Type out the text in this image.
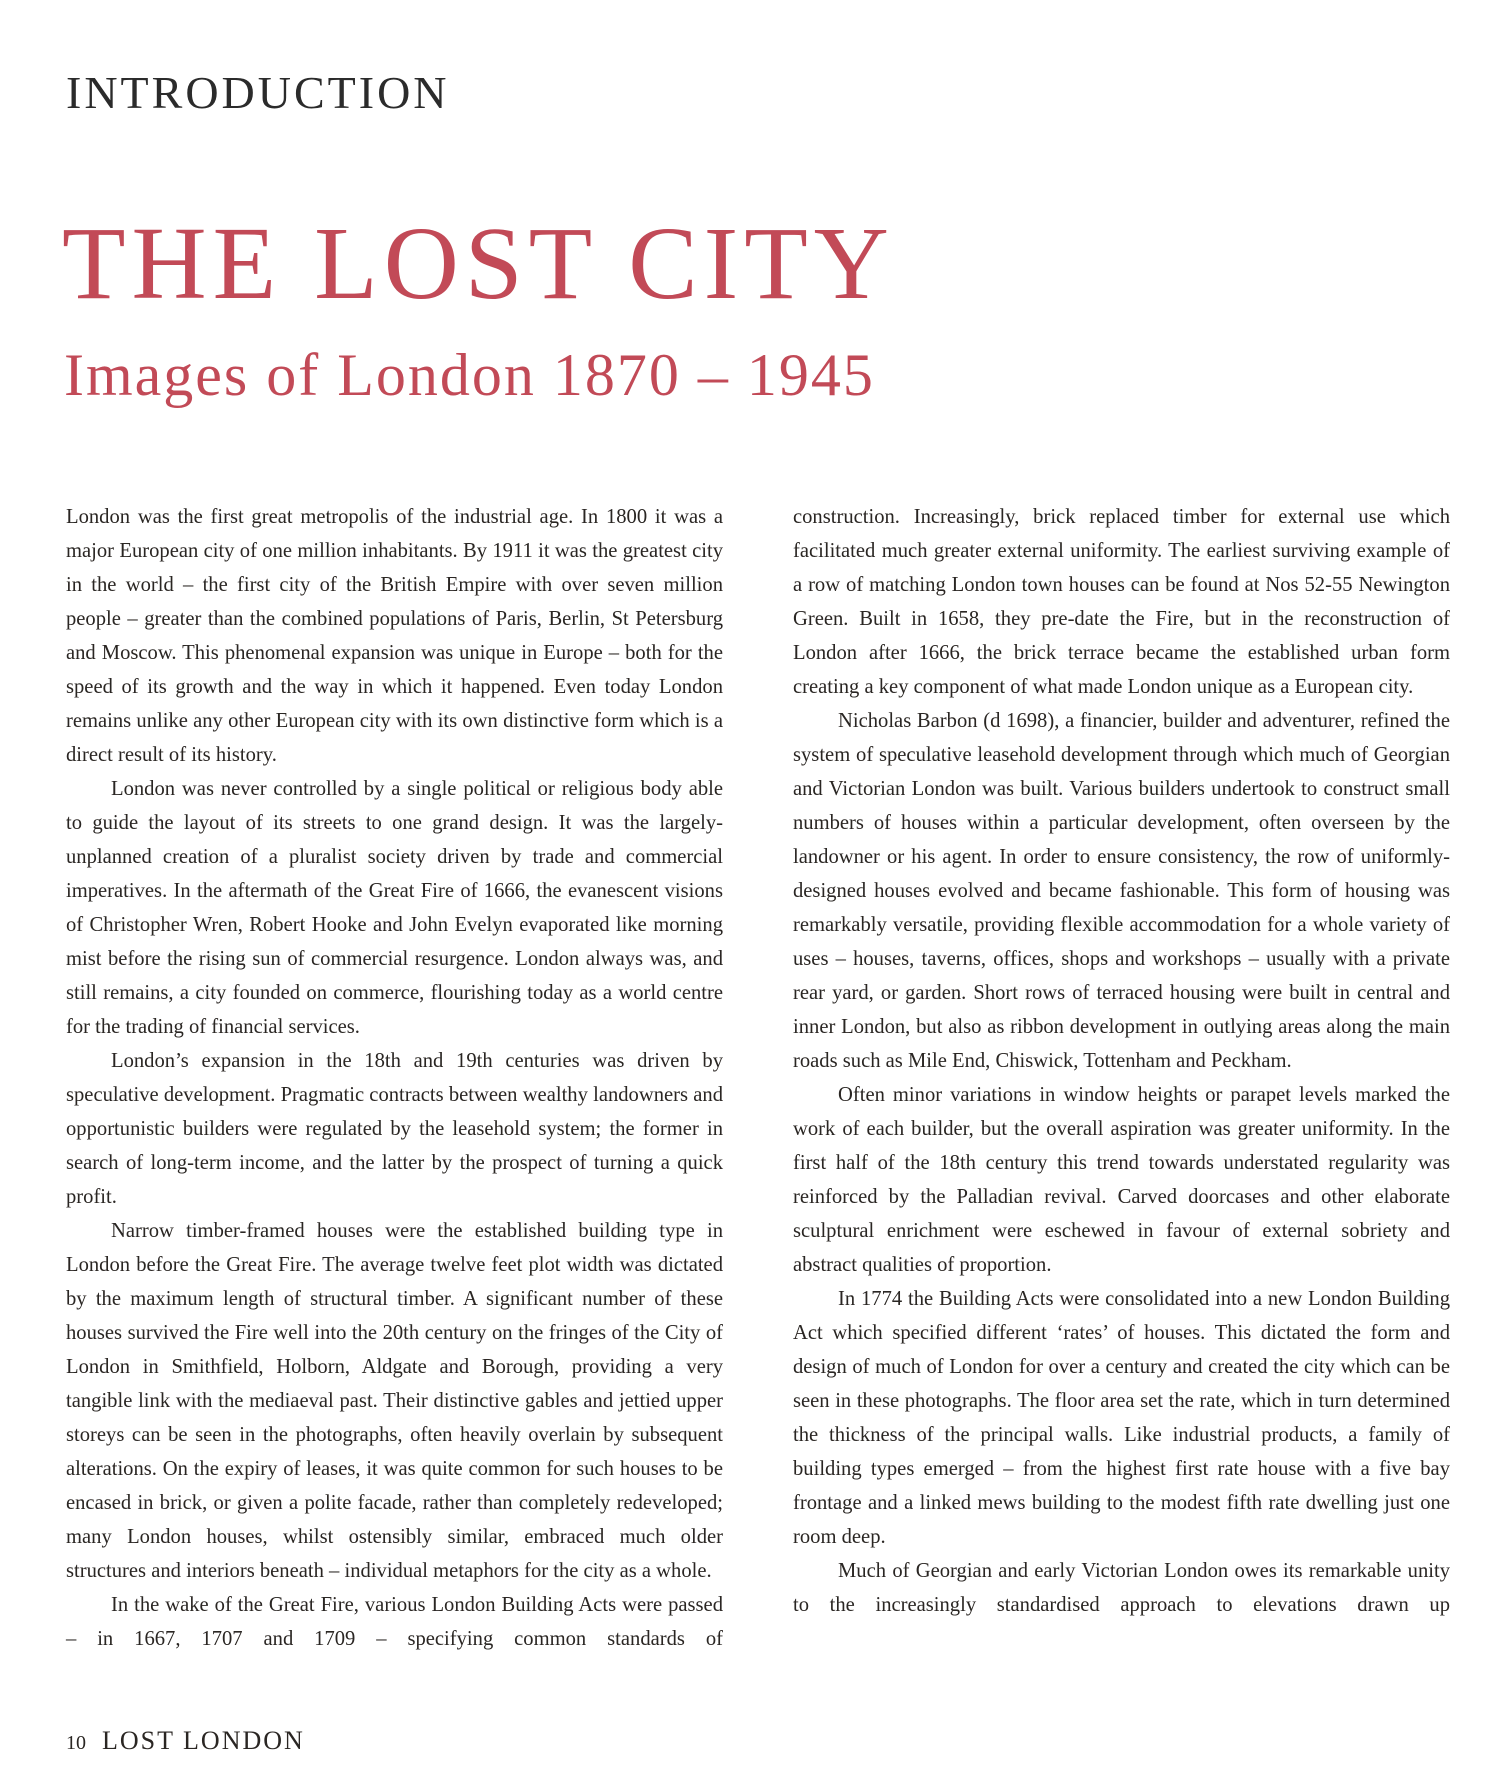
INTRODUCTION
THE LOST CITY
Images of London 1870 – 1945

London was the first great metropolis of the industrial age. In 1800 it was a major European city of one million inhabitants. By 1911 it was the greatest city in the world – the first city of the British Empire with over seven million people – greater than the combined populations of Paris, Berlin, St Petersburg and Moscow. This phenomenal expansion was unique in Europe – both for the speed of its growth and the way in which it happened. Even today London remains unlike any other European city with its own distinctive form which is a direct result of its history.

London was never controlled by a single political or religious body able to guide the layout of its streets to one grand design. It was the largely-unplanned creation of a pluralist society driven by trade and commercial imperatives. In the aftermath of the Great Fire of 1666, the evanescent visions of Christopher Wren, Robert Hooke and John Evelyn evaporated like morning mist before the rising sun of commercial resurgence. London always was, and still remains, a city founded on commerce, flourishing today as a world centre for the trading of financial services.

London’s expansion in the 18th and 19th centuries was driven by speculative development. Pragmatic contracts between wealthy landowners and opportunistic builders were regulated by the leasehold system; the former in search of long-term income, and the latter by the prospect of turning a quick profit.

Narrow timber-framed houses were the established building type in London before the Great Fire. The average twelve feet plot width was dictated by the maximum length of structural timber. A significant number of these houses survived the Fire well into the 20th century on the fringes of the City of London in Smithfield, Holborn, Aldgate and Borough, providing a very tangible link with the mediaeval past. Their distinctive gables and jettied upper storeys can be seen in the photographs, often heavily overlain by subsequent alterations. On the expiry of leases, it was quite common for such houses to be encased in brick, or given a polite facade, rather than completely redeveloped; many London houses, whilst ostensibly similar, embraced much older structures and interiors beneath – individual metaphors for the city as a whole.

In the wake of the Great Fire, various London Building Acts were passed – in 1667, 1707 and 1709 – specifying common standards of

construction. Increasingly, brick replaced timber for external use which facilitated much greater external uniformity. The earliest surviving example of a row of matching London town houses can be found at Nos 52-55 Newington Green. Built in 1658, they pre-date the Fire, but in the reconstruction of London after 1666, the brick terrace became the established urban form creating a key component of what made London unique as a European city.

Nicholas Barbon (d 1698), a financier, builder and adventurer, refined the system of speculative leasehold development through which much of Georgian and Victorian London was built. Various builders undertook to construct small numbers of houses within a particular development, often overseen by the landowner or his agent. In order to ensure consistency, the row of uniformly-designed houses evolved and became fashionable. This form of housing was remarkably versatile, providing flexible accommodation for a whole variety of uses – houses, taverns, offices, shops and workshops – usually with a private rear yard, or garden. Short rows of terraced housing were built in central and inner London, but also as ribbon development in outlying areas along the main roads such as Mile End, Chiswick, Tottenham and Peckham.

Often minor variations in window heights or parapet levels marked the work of each builder, but the overall aspiration was greater uniformity. In the first half of the 18th century this trend towards understated regularity was reinforced by the Palladian revival. Carved doorcases and other elaborate sculptural enrichment were eschewed in favour of external sobriety and abstract qualities of proportion.

In 1774 the Building Acts were consolidated into a new London Building Act which specified different ‘rates’ of houses. This dictated the form and design of much of London for over a century and created the city which can be seen in these photographs. The floor area set the rate, which in turn determined the thickness of the principal walls. Like industrial products, a family of building types emerged – from the highest first rate house with a five bay frontage and a linked mews building to the modest fifth rate dwelling just one room deep.

Much of Georgian and early Victorian London owes its remarkable unity to the increasingly standardised approach to elevations drawn up

10 LOST LONDON
